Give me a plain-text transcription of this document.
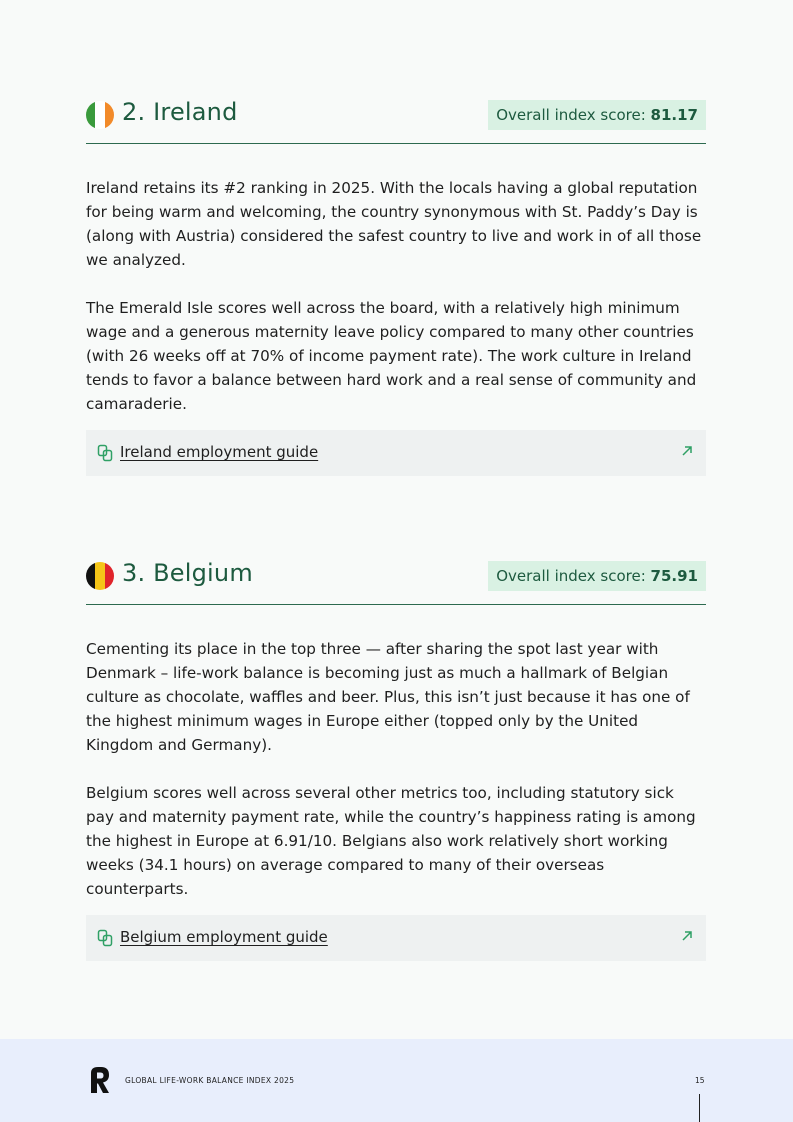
2. Ireland	Overall index score: 81.17

Ireland retains its #2 ranking in 2025. With the locals having a global reputation for being warm and welcoming, the country synonymous with St. Paddy’s Day is (along with Austria) considered the safest country to live and work in of all those we analyzed.

The Emerald Isle scores well across the board, with a relatively high minimum wage and a generous maternity leave policy compared to many other countries (with 26 weeks off at 70% of income payment rate). The work culture in Ireland tends to favor a balance between hard work and a real sense of community and camaraderie.

Ireland employment guide
3. Belgium	Overall index score: 75.91

Cementing its place in the top three — after sharing the spot last year with Denmark – life-work balance is becoming just as much a hallmark of Belgian culture as chocolate, waffles and beer. Plus, this isn’t just because it has one of the highest minimum wages in Europe either (topped only by the United Kingdom and Germany).

Belgium scores well across several other metrics too, including statutory sick pay and maternity payment rate, while the country’s happiness rating is among the highest in Europe at 6.91/10. Belgians also work relatively short working weeks (34.1 hours) on average compared to many of their overseas counterparts.

Belgium employment guide
GLOBAL LIFE-WORK BALANCE INDEX 2025	15
